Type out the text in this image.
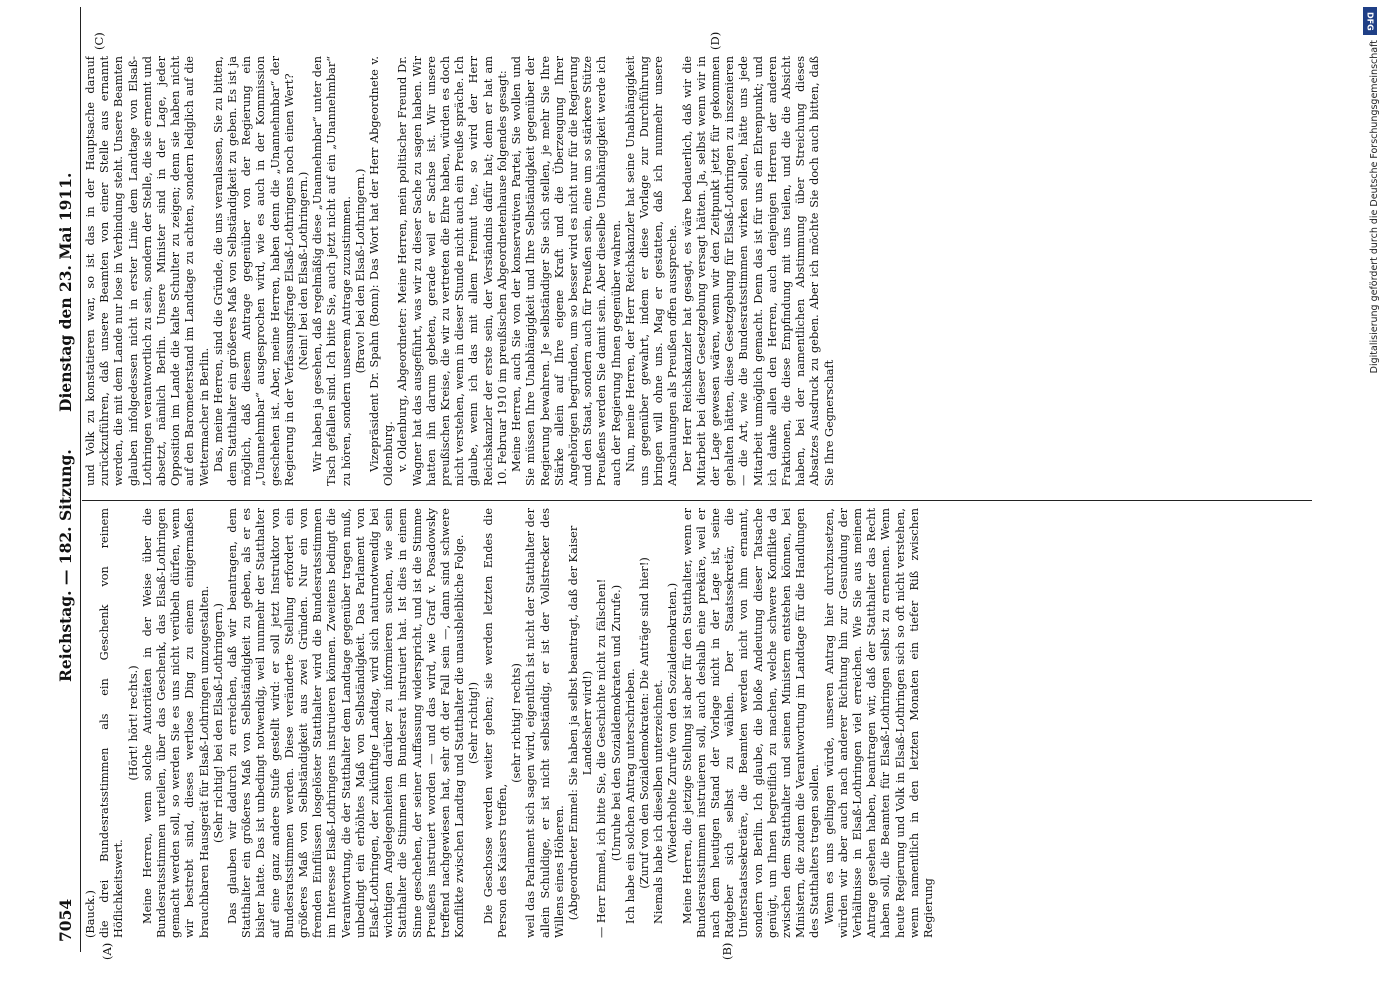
7054
Reichstag. — 182. Sitzung.
Dienstag den 23. Mai 1911.
(A)	(B)
(C)	(D)

(Bauck.) die drei Bundesratsstimmen als ein Geschenk von reinem Höflichkeitswert.

(Hört! hört! rechts.) Meine Herren, wenn solche Autoritäten in der Weise über die Bundesratsstimmen urteilen, über das Geschenk, das Elsaß-Lothringen gemacht werden soll, so werden Sie es uns nicht verübeln dürfen, wenn wir bestrebt sind, dieses wertlose Ding zu einem einigermaßen brauchbaren Hausgerät für Elsaß-Lothringen umzugestalten. (Sehr richtig! bei den Elsaß-Lothringern.) Das glauben wir dadurch zu erreichen, daß wir beantragen, dem Statthalter ein größeres Maß von Selbständigkeit zu geben, als er es bisher hatte. Das ist unbedingt notwendig, weil nunmehr der Statthalter auf eine ganz andere Stufe gestellt wird: er soll jetzt Instruktor von Bundesratsstimmen werden. Diese veränderte Stellung erfordert ein größeres Maß von Selbständigkeit aus zwei Gründen. Nur ein von fremden Einflüssen losgelöster Statthalter wird die Bundesratsstimmen im Interesse Elsaß-Lothringens instruieren können. Zweitens bedingt die Verantwortung, die der Statthalter dem Landtage gegenüber tragen muß, unbedingt ein erhöhtes Maß von Selbständigkeit. Das Parlament von Elsaß-Lothringen, der zukünftige Landtag, wird sich naturnotwendig bei wichtigen Angelegenheiten darüber zu informieren suchen, wie sein Statthalter die Stimmen im Bundesrat instruiert hat. Ist dies in einem Sinne geschehen, der seiner Auffassung widerspricht, und ist die Stimme Preußens instruiert worden — und das wird, wie Graf v. Posadowsky treffend nachgewiesen hat, sehr oft der Fall sein —, dann sind schwere Konflikte zwischen Landtag und Statthalter die unausbleibliche Folge. (Sehr richtig!) Die Geschosse werden weiter gehen; sie werden letzten Endes die Person des Kaisers treffen,

(sehr richtig! rechts) weil das Parlament sich sagen wird, eigentlich ist nicht der Statthalter der allein Schuldige, er ist nicht selbständig, er ist der Vollstrecker des Willens eines Höheren. (Abgeordneter Emmel: Sie haben ja selbst beantragt, daß der Kaiser Landesherr wird!) — Herr Emmel, ich bitte Sie, die Geschichte nicht zu fälschen! (Unruhe bei den Sozialdemokraten und Zurufe.) Ich habe ein solchen Antrag unterschrieben. (Zuruf von den Sozialdemokraten: Die Anträge sind hier!) Niemals habe ich dieselben unterzeichnet. (Wiederholte Zurufe von den Sozialdemokraten.) Meine Herren, die jetzige Stellung ist aber für den Statthalter, wenn er Bundesratsstimmen instruieren soll, auch deshalb eine prekäre, weil er nach dem heutigen Stand der Vorlage nicht in der Lage ist, seine Ratgeber sich selbst zu wählen. Der Staatssekretär, die Unterstaatssekretäre, die Beamten werden nicht von ihm ernannt, sondern von Berlin. Ich glaube, die bloße Andeutung dieser Tatsache genügt, um Ihnen begreiflich zu machen, welche schwere Konflikte da zwischen dem Statthalter und seinen Ministern entstehen können, bei Ministern, die zudem die Verantwortung im Landtage für die Handlungen des Statthalters tragen sollen. Wenn es uns gelingen würde, unseren Antrag hier durchzusetzen, würden wir aber auch nach anderer Richtung hin zur Gesundung der Verhältnisse in Elsaß-Lothringen viel erreichen. Wie Sie aus meinem Antrage gesehen haben, beantragen wir, daß der Statthalter das Recht haben soll, die Beamten für Elsaß-Lothringen selbst zu ernennen. Wenn heute Regierung und Volk in Elsaß-Lothringen sich so oft nicht verstehen, wenn namentlich in den letzten Monaten ein tiefer Riß zwischen Regierung

und Volk zu konstatieren war, so ist das in der Hauptsache darauf zurückzuführen, daß unsere Beamten von einer Stelle aus ernannt werden, die mit dem Lande nur lose in Verbindung steht. Unsere Beamten glauben infolgedessen nicht in erster Linie dem Landtage von Elsaß-Lothringen verantwortlich zu sein, sondern der Stelle, die sie ernennt und absetzt, nämlich Berlin. Unsere Minister sind in der Lage, jeder Opposition im Lande die kalte Schulter zu zeigen; denn sie haben nicht auf den Barometerstand im Landtage zu achten, sondern lediglich auf die Wettermacher in Berlin. Das, meine Herren, sind die Gründe, die uns veranlassen, Sie zu bitten, dem Statthalter ein größeres Maß von Selbständigkeit zu geben. Es ist ja möglich, daß diesem Antrage gegenüber von der Regierung ein „Unannehmbar“ ausgesprochen wird, wie es auch in der Kommission geschehen ist. Aber, meine Herren, haben denn die „Unannehmbar“ der Regierung in der Verfassungsfrage Elsaß-Lothringens noch einen Wert? (Nein! bei den Elsaß-Lothringern.) Wir haben ja gesehen, daß regelmäßig diese „Unannehmbar“ unter den Tisch gefallen sind. Ich bitte Sie, auch jetzt nicht auf ein „Unannehmbar“ zu hören, sondern unserem Antrage zuzustimmen. (Bravo! bei den Elsaß-Lothringern.) Vizepräsident Dr. Spahn (Bonn): Das Wort hat der Herr Abgeordnete v. Oldenburg. v. Oldenburg, Abgeordneter: Meine Herren, mein politischer Freund Dr. Wagner hat das ausgeführt, was wir zu dieser Sache zu sagen haben. Wir hatten ihn darum gebeten, gerade weil er Sachse ist. Wir unsere preußischen Kreise, die wir zu vertreten die Ehre haben, würden es doch nicht verstehen, wenn in dieser Stunde nicht auch ein Preuße spräche. Ich glaube, wenn ich das mit allem Freimut tue, so wird der Herr Reichskanzler der erste sein, der Verständnis dafür hat; denn er hat am 10. Februar 1910 im preußischen Abgeordnetenhause folgendes gesagt: Meine Herren, auch Sie von der konservativen Partei, Sie wollen und Sie müssen Ihre Unabhängigkeit und Ihre Selbständigkeit gegenüber der Regierung bewahren. Je selbständiger Sie sich stellen, je mehr Sie Ihre Stärke allein auf Ihre eigene Kraft und die Überzeugung Ihrer Angehörigen begründen, um so besser wird es nicht nur für die Regierung und den Staat, sondern auch für Preußen sein, eine um so stärkere Stütze Preußens werden Sie damit sein. Aber dieselbe Unabhängigkeit werde ich auch der Regierung Ihnen gegenüber wahren. Nun, meine Herren, der Herr Reichskanzler hat seine Unabhängigkeit uns gegenüber gewahrt, indem er diese Vorlage zur Durchführung bringen will ohne uns. Mag er gestatten, daß ich nunmehr unsere Anschauungen als Preußen offen ausspreche. Der Herr Reichskanzler hat gesagt, es wäre bedauerlich, daß wir die Mitarbeit bei dieser Gesetzgebung versagt hätten. Ja, selbst wenn wir in der Lage gewesen wären, wenn wir den Zeitpunkt jetzt für gekommen gehalten hätten, diese Gesetzgebung für Elsaß-Lothringen zu inszenieren — die Art, wie die Bundesratsstimmen wirken sollen, hätte uns jede Mitarbeit unmöglich gemacht. Denn das ist für uns ein Ehrenpunkt; und ich danke allen den Herren, auch denjenigen Herren der anderen Fraktionen, die diese Empfindung mit uns teilen, und die die Absicht haben, bei der namentlichen Abstimmung über Streichung dieses Absatzes Ausdruck zu geben. Aber ich möchte Sie doch auch bitten, daß Sie Ihre Gegnerschaft

DFG
Digitalisierung gefördert durch die Deutsche Forschungsgemeinschaft
